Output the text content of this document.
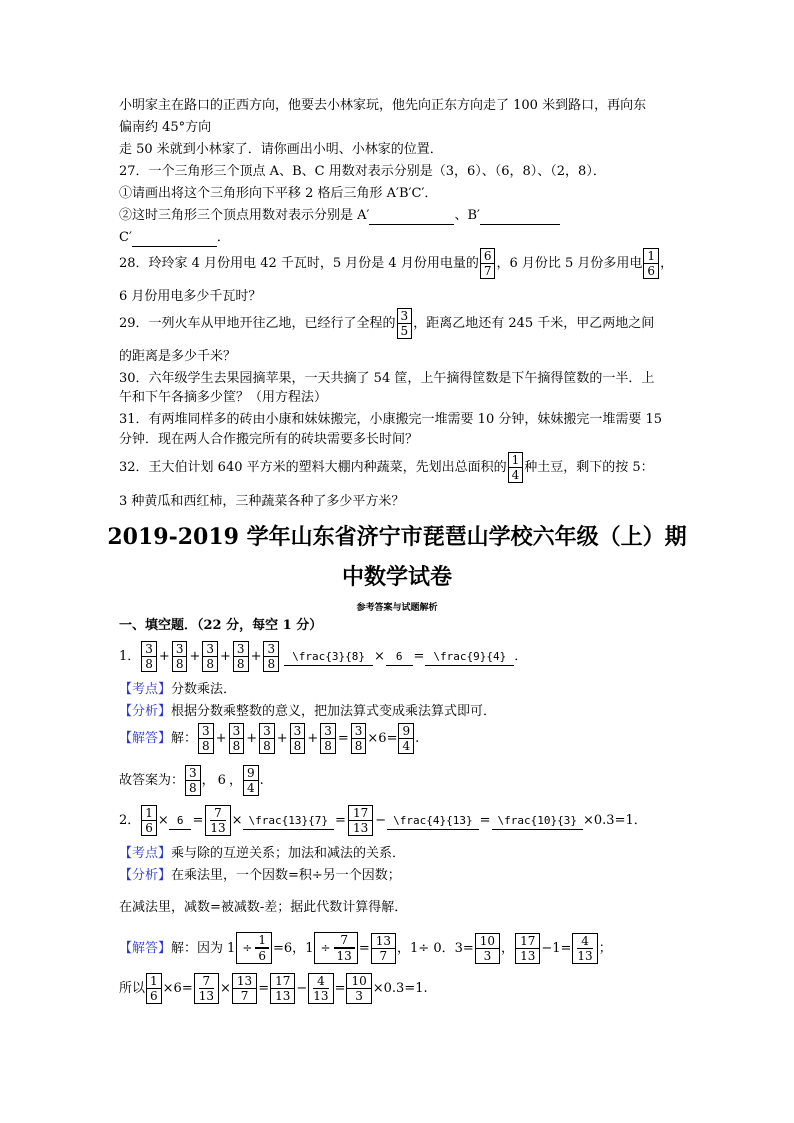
小明家主在路口的正西方向，他要去小林家玩，他先向正东方向走了 100 米到路口，再向东
偏南约 45°方向
走 50 米就到小林家了．请你画出小明、小林家的位置．
27．一个三角形三个顶点 A、B、C 用数对表示分别是（3，6）、（6，8）、（2，8）．
①请画出将这个三角形向下平移 2 格后三角形 A′B′C′．
②这时三角形三个顶点用数对表示分别是 A′	、B′
C′	．
28．玲玲家 4 月份用电 42 千瓦时，5 月份是 4 月份用电量的 6
7 ，6 月份比 5 月份多用电 1
6 ，
6 月份用电多少千瓦时？
29．一列火车从甲地开往乙地，已经行了全程的 3
5 ，距离乙地还有 245 千米，甲乙两地之间
的距离是多少千米？
30．六年级学生去果园摘苹果，一天共摘了 54 筐，上午摘得筐数是下午摘得筐数的一半．上
午和下午各摘多少筐？（用方程法）
31．有两堆同样多的砖由小康和妹妹搬完，小康搬完一堆需要 10 分钟，妹妹搬完一堆需要 15
分钟．现在两人合作搬完所有的砖块需要多长时间？
32．王大伯计划 640 平方米的塑料大棚内种蔬菜，先划出总面积的 1
4 种土豆，剩下的按 5：
3 种黄瓜和西红柿，三种蔬菜各种了多少平方米？
2019-2019 学年山东省济宁市琵琶山学校六年级（上）期
中数学试卷
参考答案与试题解析
一、填空题．（22 分，每空 1 分）
1． 3
$8 + \frac{3}{8} + \frac{3}{8} + \frac{3}{8} + \frac{3}{8}$	\frac{3}{8} ×	6 = \frac{9}{4} ．
【考点】分数乘法．
【分析】根据分数乘整数的意义，把加法算式变成乘法算式即可．
【解答】 解： 3
$8 + \frac{3}{8} + \frac{3}{8} + \frac{3}{8} + \frac{3}{8} = \frac{3}{8} \times 6= \frac{9}{4}$ .
故答案为： 3
8 ， 6 ， 9
4 .
2． $\frac{1}{6} \times 6 = \frac{7}{13}$ × \frac{13}{7} = $\frac{17}{13}$ − \frac{4}{13} = \frac{10}{3} ×0.3=1．
【考点】乘与除的互逆关系；加法和减法的关系．
【分析】在乘法里，一个因数=积÷另一个因数；
在减法里，减数=被减数-差；据此代数计算得解．
【解答】 解：因为 $1 \div \frac{1}{6} =6$， $1 \div \frac{7}{13} = \frac{13}{7}$ ， 1 ÷ 0．$3= \frac{10}{3}$ ， 17
$13 -1= \frac{4}{13}$ ；
所以 $\frac{1}{6} \times 6= \frac{7}{13} \times \frac{13}{7} = \frac{17}{13} - \frac{4}{13} = \frac{10}{3} \times 0.3=1$.
